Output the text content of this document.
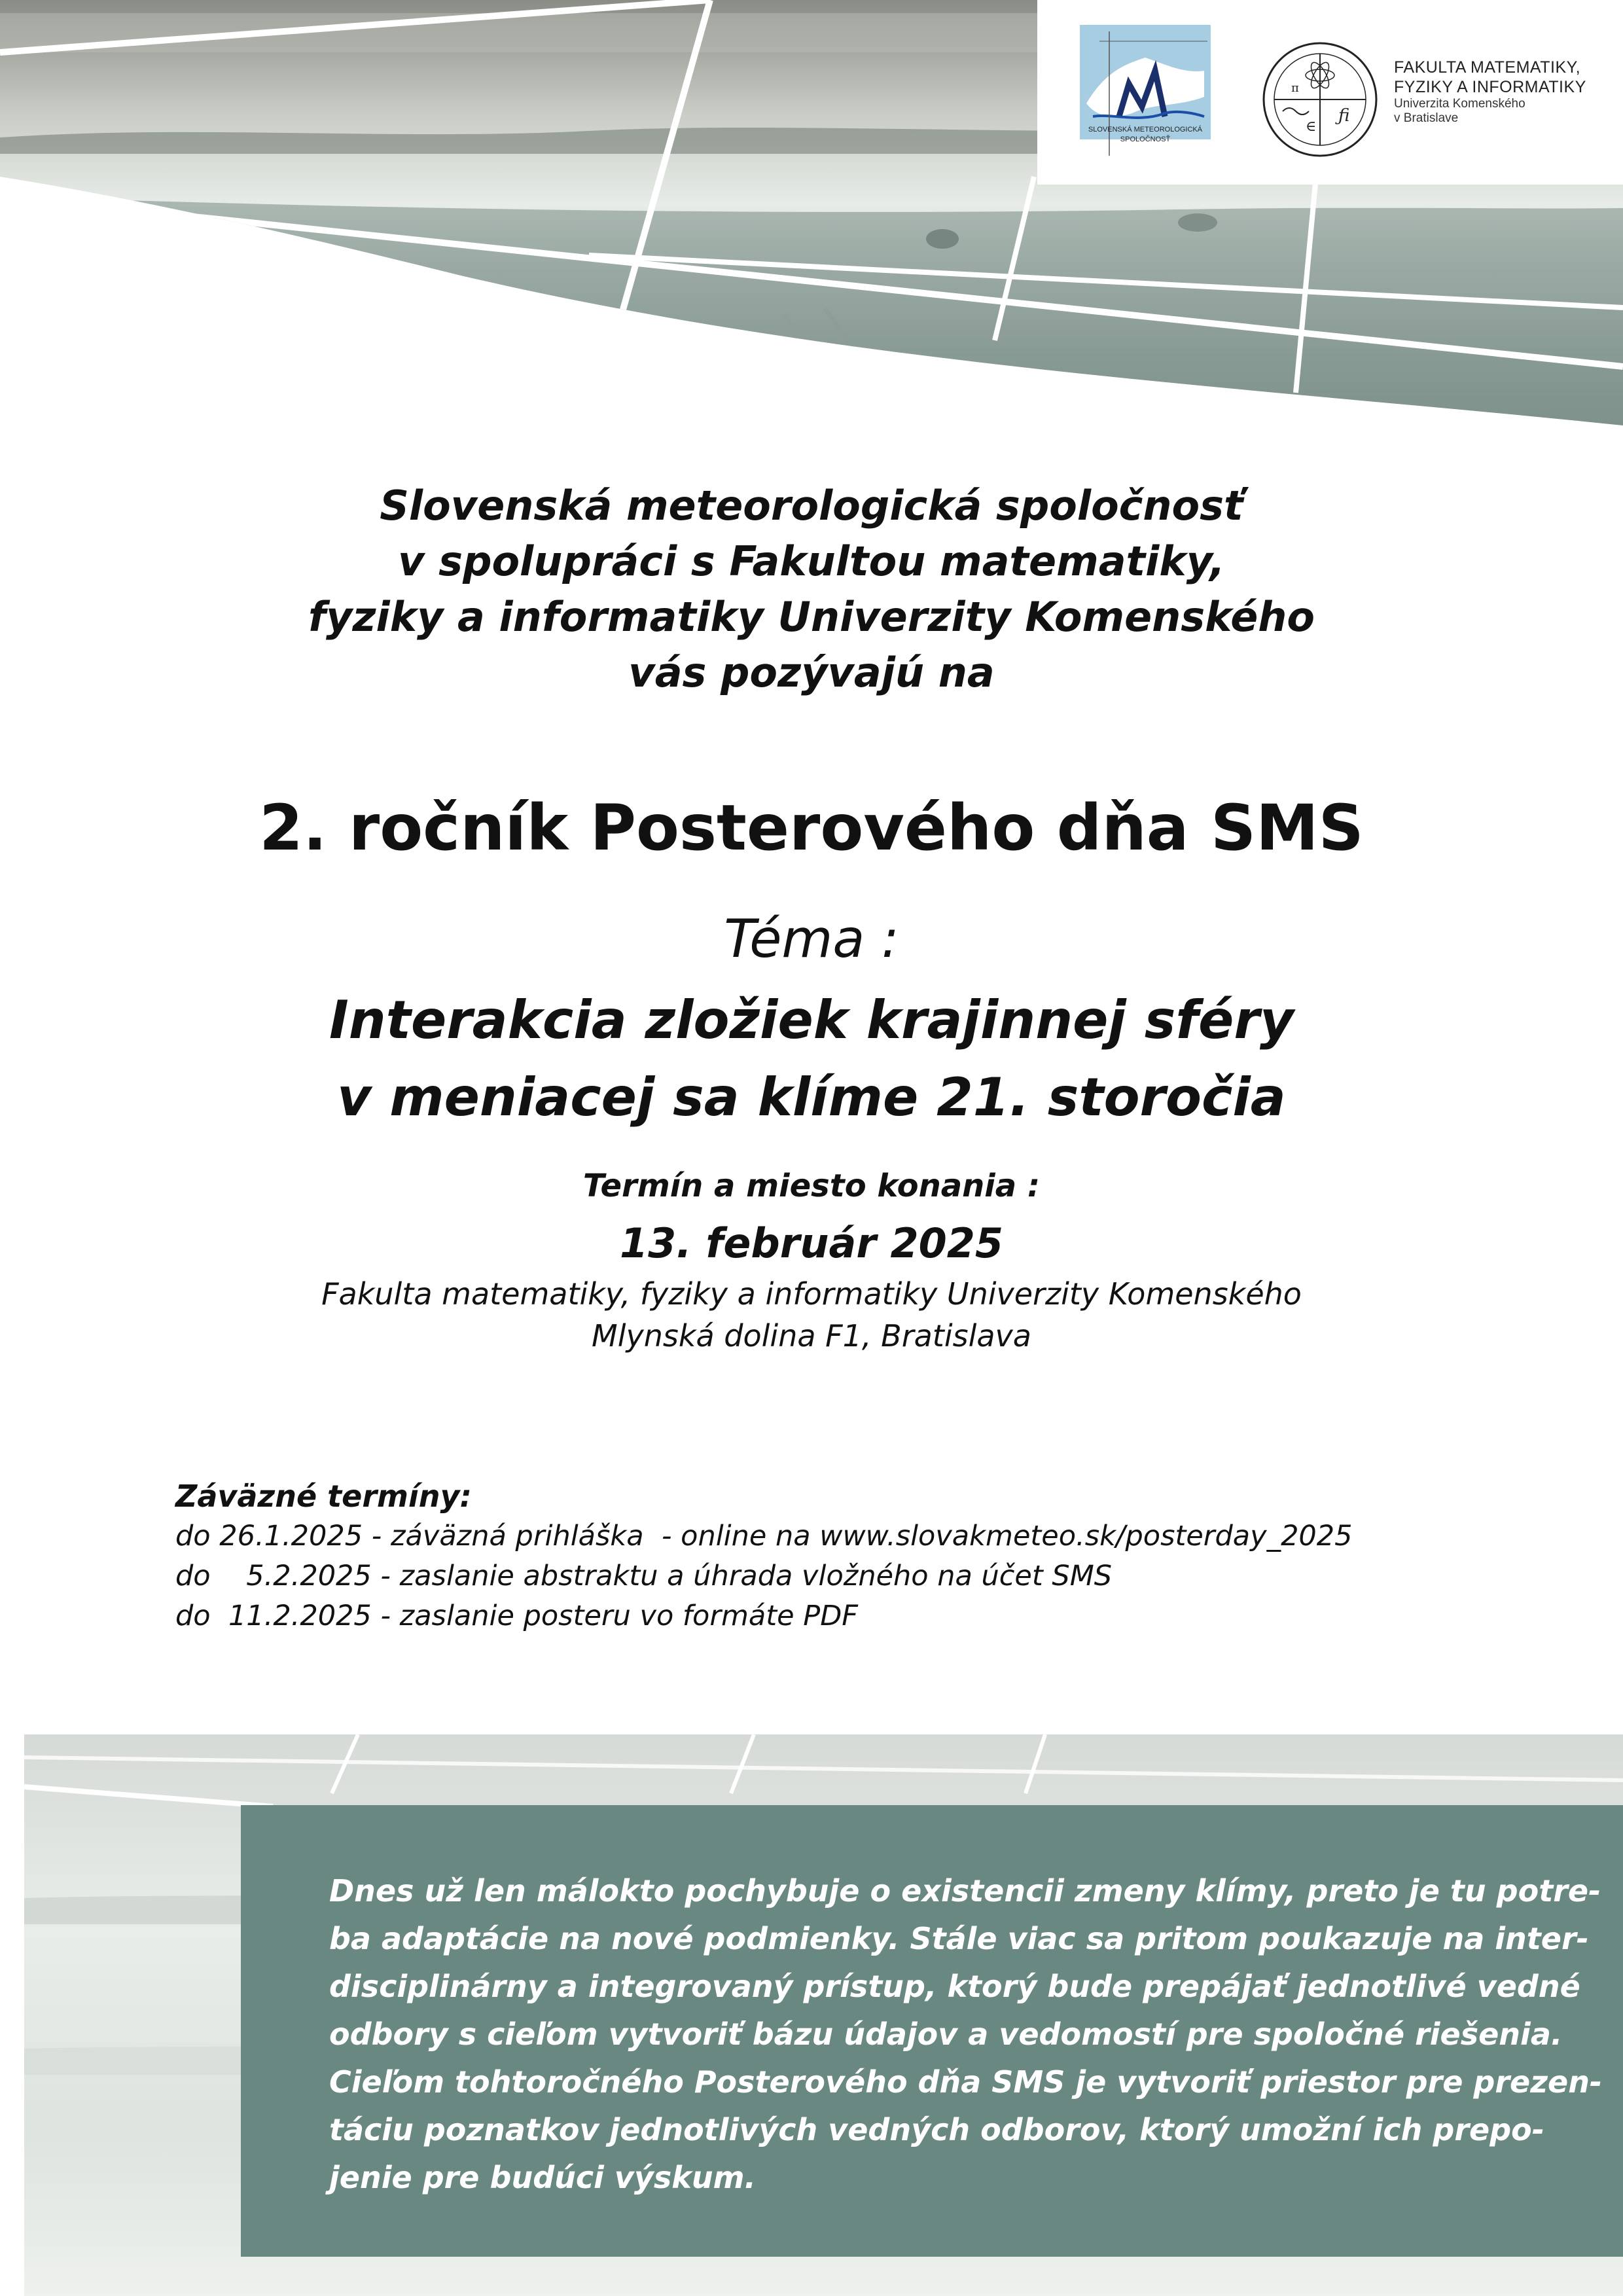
SLOVENSKÁ METEOROLOGICKÁ
SPOLOČNOSŤ
ƒi
π
∈
FAKULTA MATEMATIKY,
FYZIKY A INFORMATIKY
Univerzita Komenského
v Bratislave
Slovenská meteorologická spoločnosť
v spolupráci s Fakultou matematiky,
fyziky a informatiky Univerzity Komenského
vás pozývajú na
2. ročník Posterového dňa SMS
Téma :
Interakcia zložiek krajinnej sféry
v meniacej sa klíme 21. storočia
Termín a miesto konania :
13. február 2025
Fakulta matematiky, fyziky a informatiky Univerzity Komenského
Mlynská dolina F1, Bratislava
Záväzné termíny:
do 26.1.2025 - záväzná prihláška  - online na www.slovakmeteo.sk/posterday_2025
do    5.2.2025 - zaslanie abstraktu a úhrada vložného na účet SMS
do  11.2.2025 - zaslanie posteru vo formáte PDF
Dnes už len málokto pochybuje o existencii zmeny klímy, preto je tu potre-
ba adaptácie na nové podmienky. Stále viac sa pritom poukazuje na inter-
disciplinárny a integrovaný prístup, ktorý bude prepájať jednotlivé vedné
odbory s cieľom vytvoriť bázu údajov a vedomostí pre spoločné riešenia.
Cieľom tohtoročného Posterového dňa SMS je vytvoriť priestor pre prezen-
táciu poznatkov jednotlivých vedných odborov, ktorý umožní ich prepo-
jenie pre budúci výskum.
